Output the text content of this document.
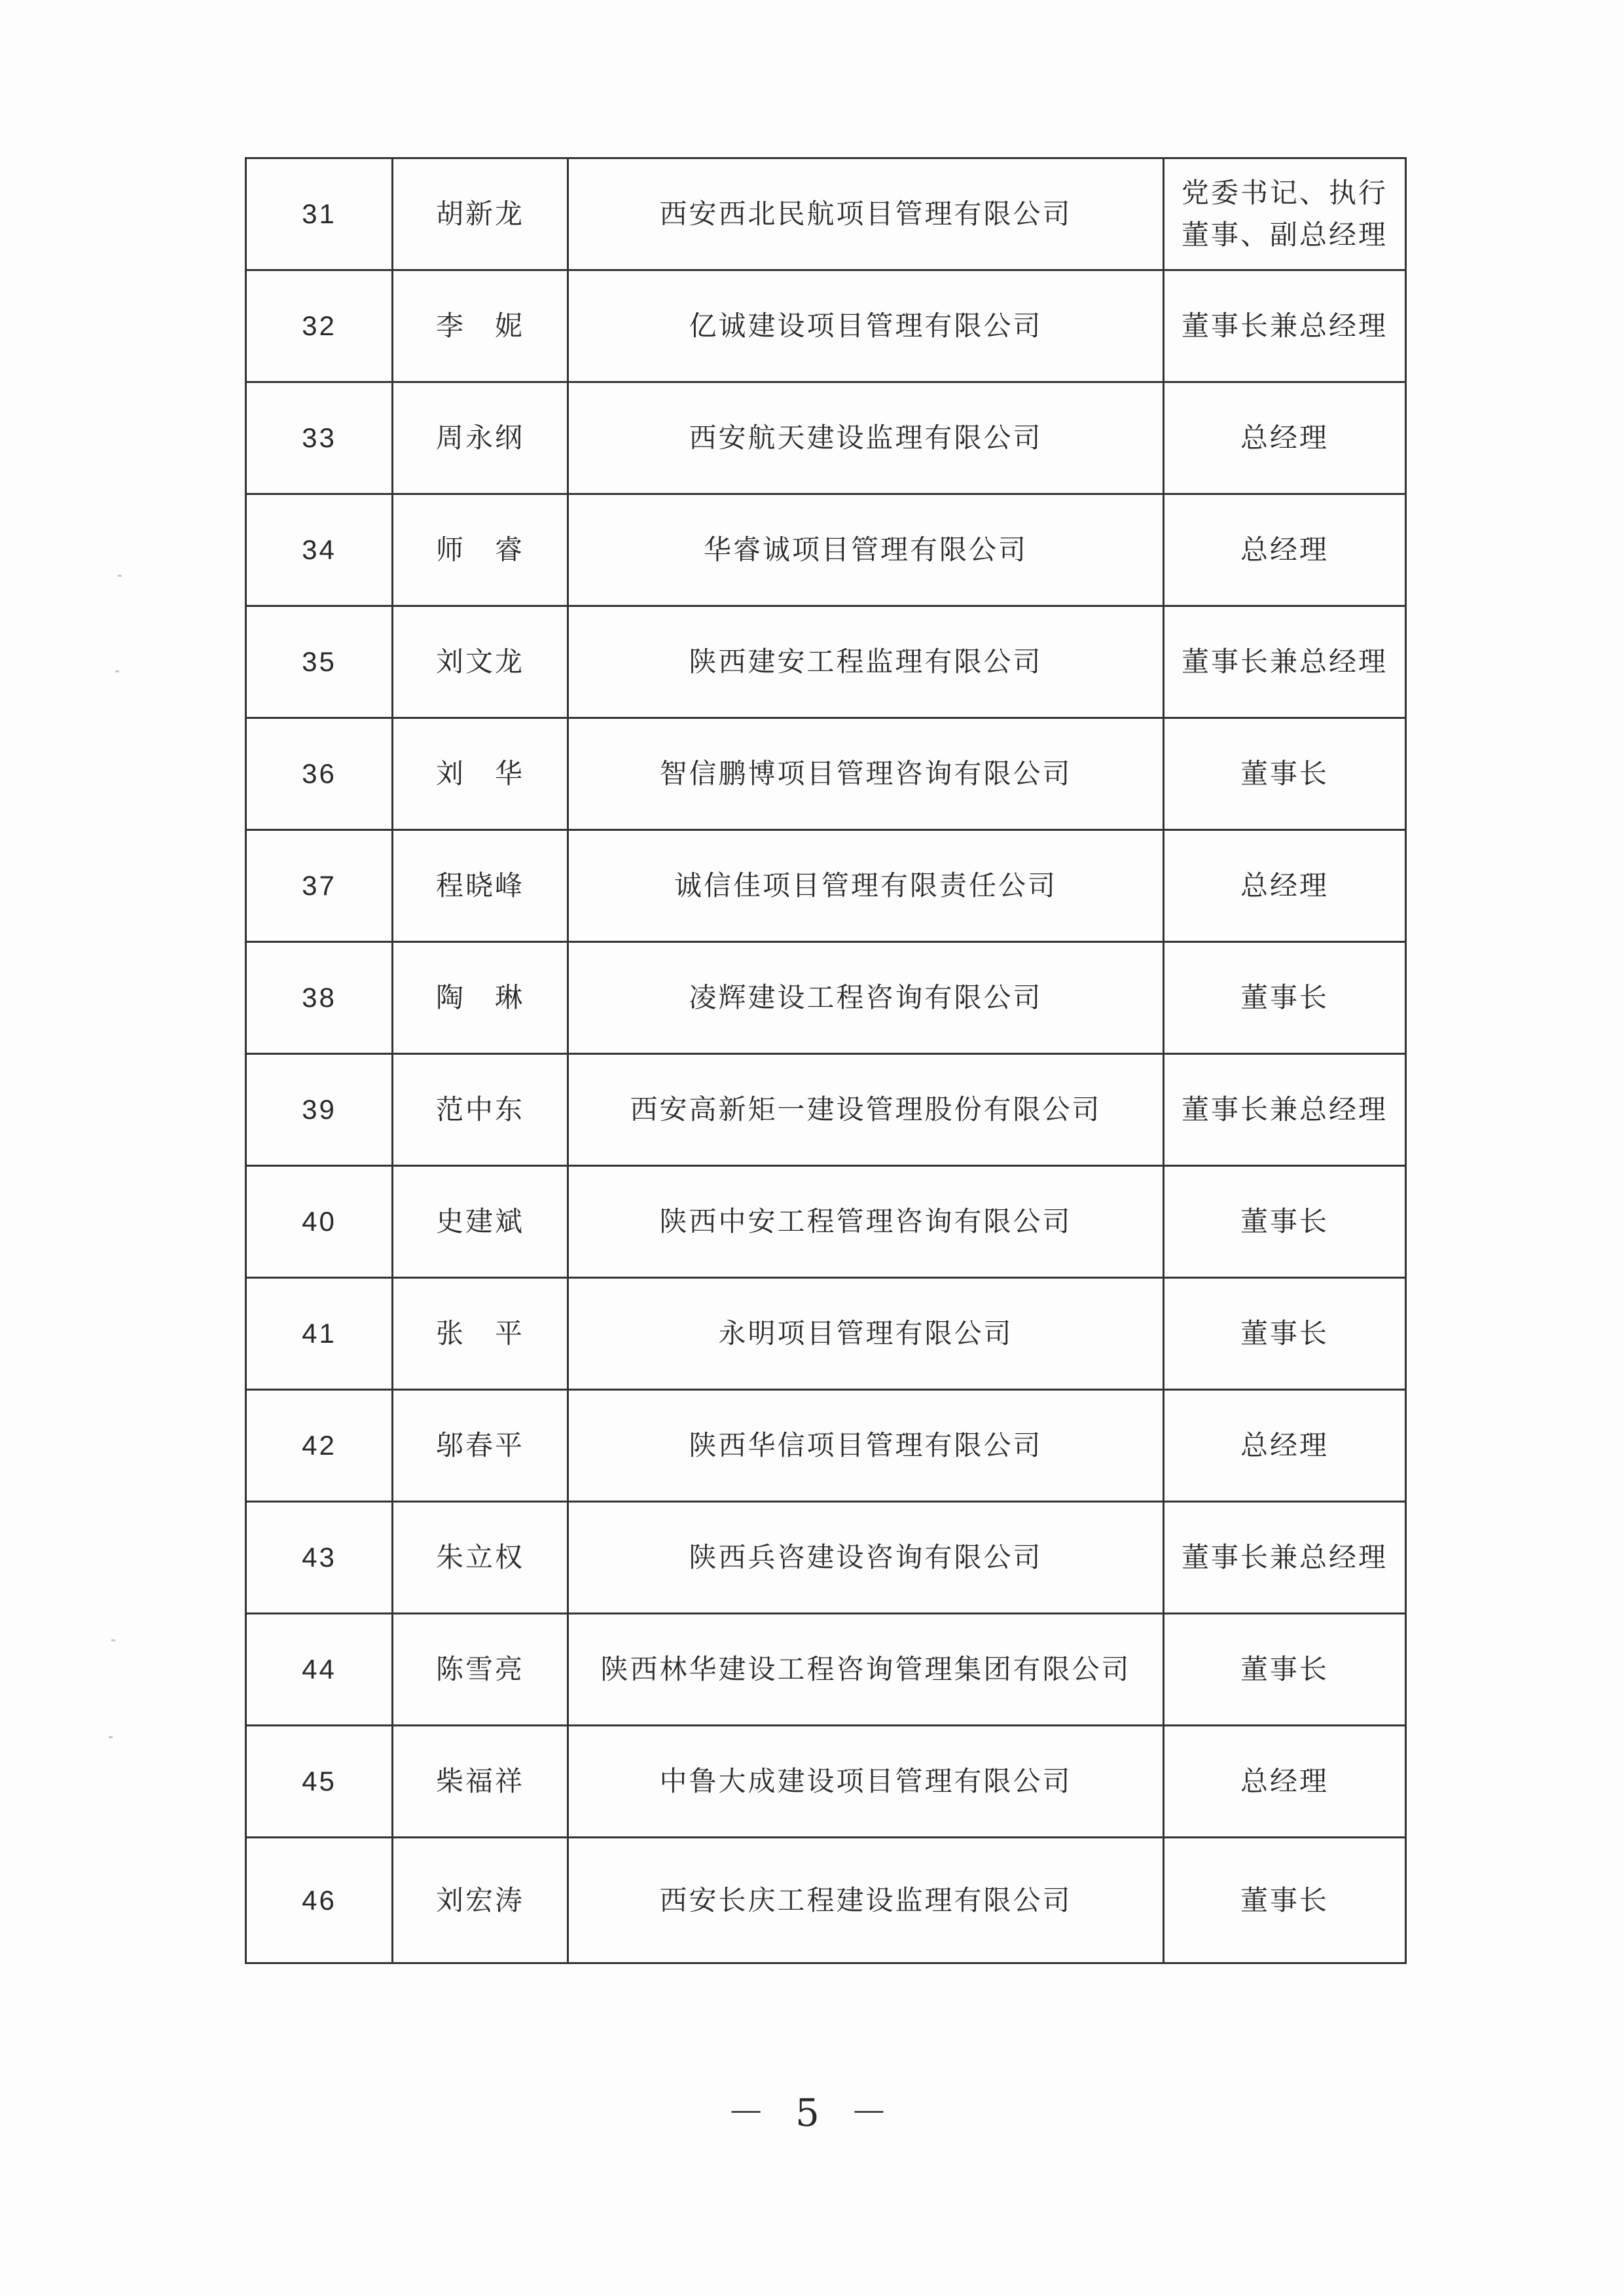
31	胡新龙	西安西北民航项目管理有限公司	党委书记、执行董事、副总经理
32	李　妮	亿诚建设项目管理有限公司	董事长兼总经理
33	周永纲	西安航天建设监理有限公司	总经理
34	师　睿	华睿诚项目管理有限公司	总经理
35	刘文龙	陕西建安工程监理有限公司	董事长兼总经理
36	刘　华	智信鹏博项目管理咨询有限公司	董事长
37	程晓峰	诚信佳项目管理有限责任公司	总经理
38	陶　琳	凌辉建设工程咨询有限公司	董事长
39	范中东	西安高新矩一建设管理股份有限公司	董事长兼总经理
40	史建斌	陕西中安工程管理咨询有限公司	董事长
41	张　平	永明项目管理有限公司	董事长
42	邬春平	陕西华信项目管理有限公司	总经理
43	朱立权	陕西兵咨建设咨询有限公司	董事长兼总经理
44	陈雪亮	陕西林华建设工程咨询管理集团有限公司	董事长
45	柴福祥	中鲁大成建设项目管理有限公司	总经理
46	刘宏涛	西安长庆工程建设监理有限公司	董事长
－ 5 －
